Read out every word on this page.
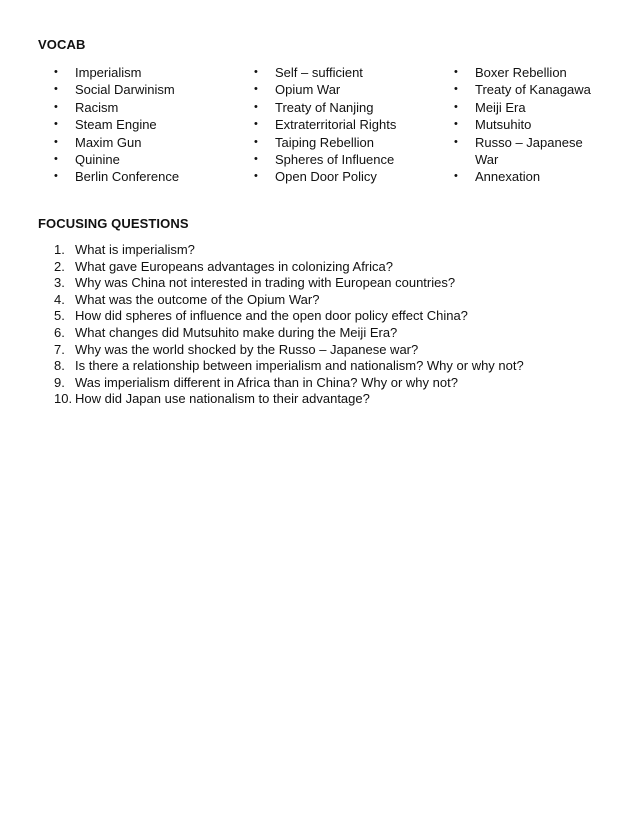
VOCAB
• Imperialism
• Social Darwinism
• Racism
• Steam Engine
• Maxim Gun
• Quinine
• Berlin Conference
• Self – sufficient
• Opium War
• Treaty of Nanjing
• Extraterritorial Rights
• Taiping Rebellion
• Spheres of Influence
• Open Door Policy
• Boxer Rebellion
• Treaty of Kanagawa
• Meiji Era
• Mutsuhito
• Russo – Japanese War
• Annexation
FOCUSING QUESTIONS
1. What is imperialism?
2. What gave Europeans advantages in colonizing Africa?
3. Why was China not interested in trading with European countries?
4. What was the outcome of the Opium War?
5. How did spheres of influence and the open door policy effect China?
6. What changes did Mutsuhito make during the Meiji Era?
7. Why was the world shocked by the Russo – Japanese war?
8. Is there a relationship between imperialism and nationalism? Why or why not?
9. Was imperialism different in Africa than in China? Why or why not?
10. How did Japan use nationalism to their advantage?
